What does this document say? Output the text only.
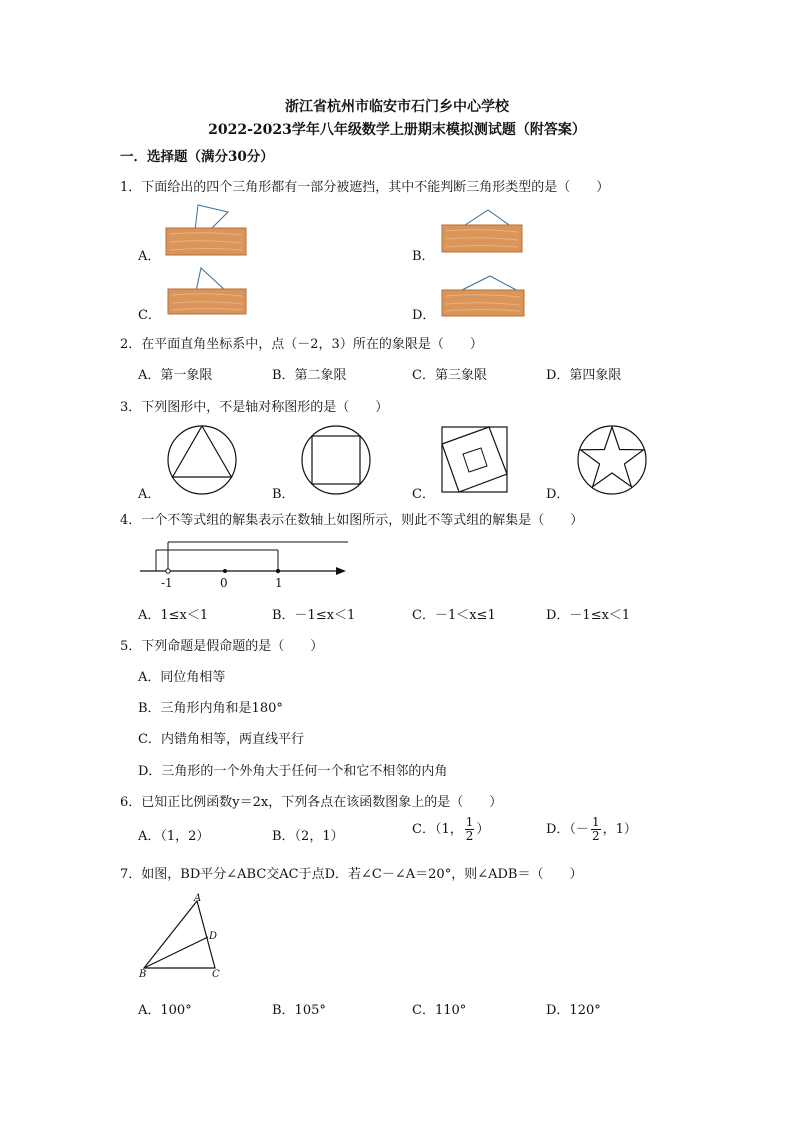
浙江省杭州市临安市石门乡中心学校
2022-2023学年八年级数学上册期末模拟测试题（附答案）
一．选择题（满分30分）
1．下面给出的四个三角形都有一部分被遮挡，其中不能判断三角形类型的是（　　）
A．	B．
C．	D．
2．在平面直角坐标系中，点（－2，3）所在的象限是（　　）
A．第一象限	B．第二象限	C．第三象限	D．第四象限
3．下列图形中，不是轴对称图形的是（　　）
A．	B．	C．	D．
4．一个不等式组的解集表示在数轴上如图所示，则此不等式组的解集是（　　）
-1	0	1
A．1≤x＜1	B．－1≤x＜1	C．－1＜x≤1	D．－1≤x＜1
5．下列命题是假命题的是（　　）
A．同位角相等
B．三角形内角和是180°
C．内错角相等，两直线平行
D．三角形的一个外角大于任何一个和它不相邻的内角
6．已知正比例函数y＝2x，下列各点在该函数图象上的是（　　）
A．（1，2）	B．（2，1）	C．（1， $\frac{1}{2}$ ）	D．（－ $\frac{1}{2}$ ，1）
7．如图，BD平分∠ABC交AC于点D．若∠C－∠A＝20°，则∠ADB＝（　　）
A
D
B	C
A．100°	B．105°	C．110°	D．120°
